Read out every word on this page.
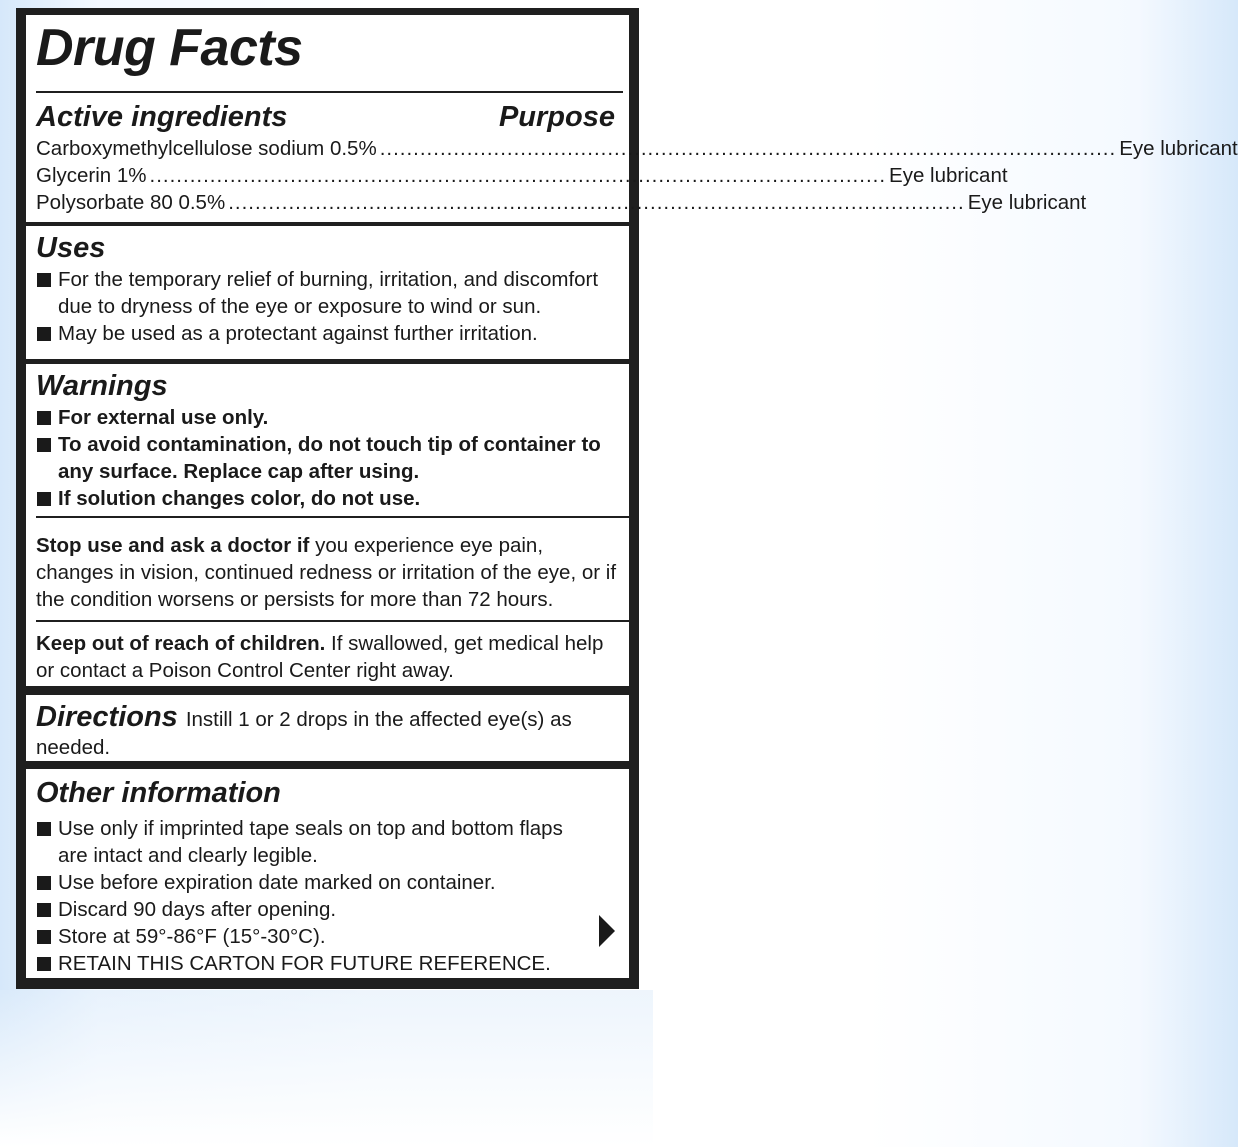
Drug Facts
Active ingredients	Purpose
Carboxymethylcellulose sodium 0.5% .............................................................................................................. Eye lubricant
Glycerin 1% .............................................................................................................. Eye lubricant
Polysorbate 80 0.5% .............................................................................................................. Eye lubricant
Uses
For the temporary relief of burning, irritation, and discomfort due to dryness of the eye or exposure to wind or sun.
May be used as a protectant against further irritation.
Warnings
For external use only.
To avoid contamination, do not touch tip of container to any surface. Replace cap after using.
If solution changes color, do not use.
Stop use and ask a doctor if you experience eye pain, changes in vision, continued redness or irritation of the eye, or if the condition worsens or persists for more than 72 hours.
Keep out of reach of children. If swallowed, get medical help or contact a Poison Control Center right away.
Directions Instill 1 or 2 drops in the affected eye(s) as needed.
Other information
Use only if imprinted tape seals on top and bottom flaps are intact and clearly legible.
Use before expiration date marked on container.
Discard 90 days after opening.
Store at 59°-86°F (15°-30°C).
RETAIN THIS CARTON FOR FUTURE REFERENCE.
